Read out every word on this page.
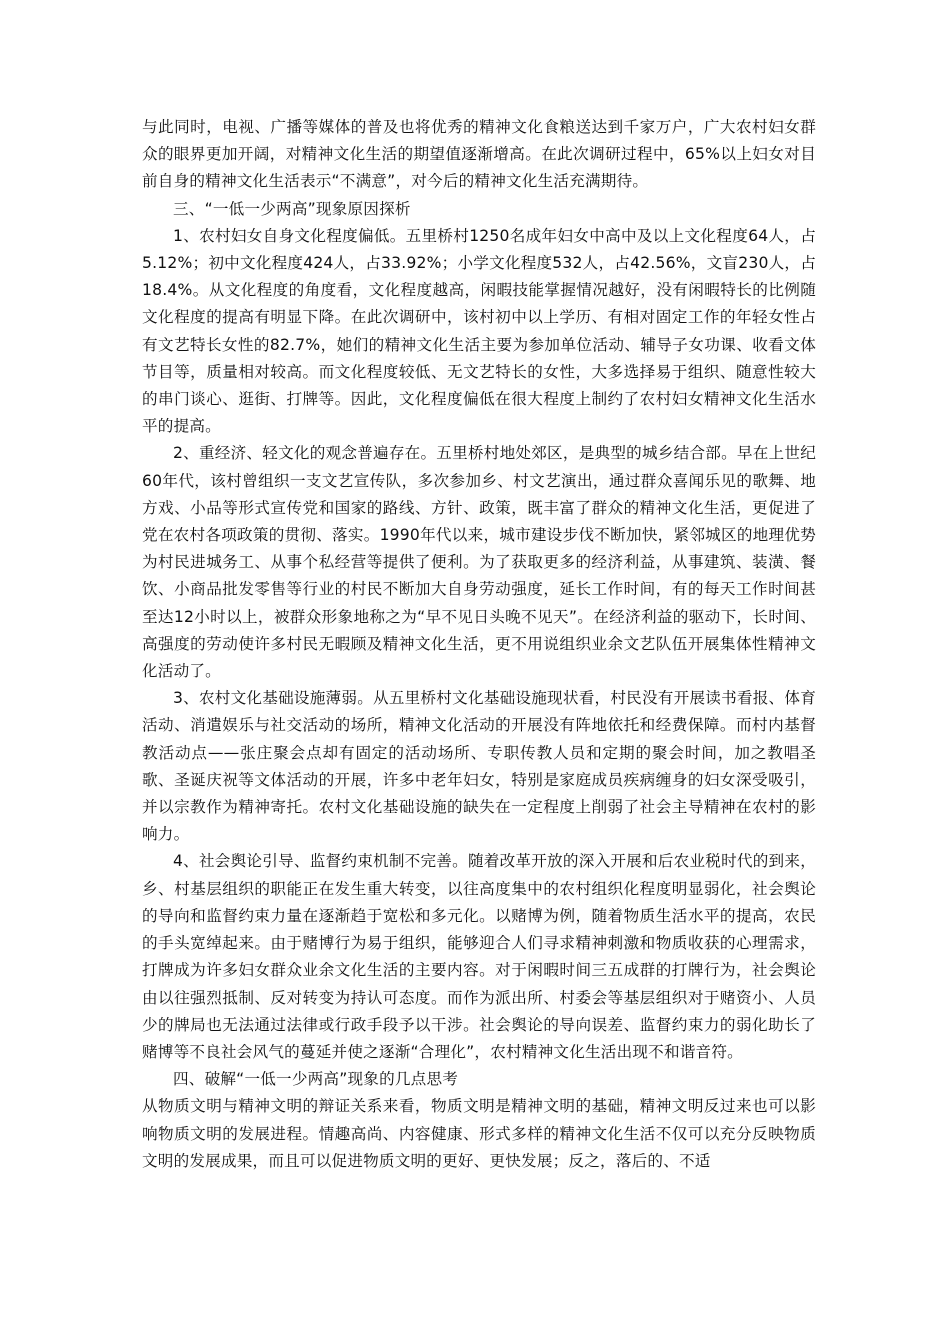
与此同时，电视、广播等媒体的普及也将优秀的精神文化食粮送达到千家万户，广大农村妇女群众的眼界更加开阔，对精神文化生活的期望值逐渐增高。在此次调研过程中，65%以上妇女对目前自身的精神文化生活表示“不满意”，对今后的精神文化生活充满期待。

三、“一低一少两高”现象原因探析

1、农村妇女自身文化程度偏低。五里桥村1250名成年妇女中高中及以上文化程度64人，占5.12%；初中文化程度424人，占33.92%；小学文化程度532人，占42.56%，文盲230人，占18.4%。从文化程度的角度看，文化程度越高，闲暇技能掌握情况越好，没有闲暇特长的比例随文化程度的提高有明显下降。在此次调研中，该村初中以上学历、有相对固定工作的年轻女性占有文艺特长女性的82.7%，她们的精神文化生活主要为参加单位活动、辅导子女功课、收看文体节目等，质量相对较高。而文化程度较低、无文艺特长的女性，大多选择易于组织、随意性较大的串门谈心、逛街、打牌等。因此，文化程度偏低在很大程度上制约了农村妇女精神文化生活水平的提高。

2、重经济、轻文化的观念普遍存在。五里桥村地处郊区，是典型的城乡结合部。早在上世纪60年代，该村曾组织一支文艺宣传队，多次参加乡、村文艺演出，通过群众喜闻乐见的歌舞、地方戏、小品等形式宣传党和国家的路线、方针、政策，既丰富了群众的精神文化生活，更促进了党在农村各项政策的贯彻、落实。1990年代以来，城市建设步伐不断加快，紧邻城区的地理优势为村民进城务工、从事个私经营等提供了便利。为了获取更多的经济利益，从事建筑、装潢、餐饮、小商品批发零售等行业的村民不断加大自身劳动强度，延长工作时间，有的每天工作时间甚至达12小时以上，被群众形象地称之为“早不见日头晚不见天”。在经济利益的驱动下，长时间、高强度的劳动使许多村民无暇顾及精神文化生活，更不用说组织业余文艺队伍开展集体性精神文化活动了。

3、农村文化基础设施薄弱。从五里桥村文化基础设施现状看，村民没有开展读书看报、体育活动、消遣娱乐与社交活动的场所，精神文化活动的开展没有阵地依托和经费保障。而村内基督教活动点——张庄聚会点却有固定的活动场所、专职传教人员和定期的聚会时间，加之教唱圣歌、圣诞庆祝等文体活动的开展，许多中老年妇女，特别是家庭成员疾病缠身的妇女深受吸引，并以宗教作为精神寄托。农村文化基础设施的缺失在一定程度上削弱了社会主导精神在农村的影响力。

4、社会舆论引导、监督约束机制不完善。随着改革开放的深入开展和后农业税时代的到来，乡、村基层组织的职能正在发生重大转变，以往高度集中的农村组织化程度明显弱化，社会舆论的导向和监督约束力量在逐渐趋于宽松和多元化。以赌博为例，随着物质生活水平的提高，农民的手头宽绰起来。由于赌博行为易于组织，能够迎合人们寻求精神刺激和物质收获的心理需求，打牌成为许多妇女群众业余文化生活的主要内容。对于闲暇时间三五成群的打牌行为，社会舆论由以往强烈抵制、反对转变为持认可态度。而作为派出所、村委会等基层组织对于赌资小、人员少的牌局也无法通过法律或行政手段予以干涉。社会舆论的导向误差、监督约束力的弱化助长了赌博等不良社会风气的蔓延并使之逐渐“合理化”，农村精神文化生活出现不和谐音符。

四、破解“一低一少两高”现象的几点思考

从物质文明与精神文明的辩证关系来看，物质文明是精神文明的基础，精神文明反过来也可以影响物质文明的发展进程。情趣高尚、内容健康、形式多样的精神文化生活不仅可以充分反映物质文明的发展成果，而且可以促进物质文明的更好、更快发展；反之，落后的、不适
